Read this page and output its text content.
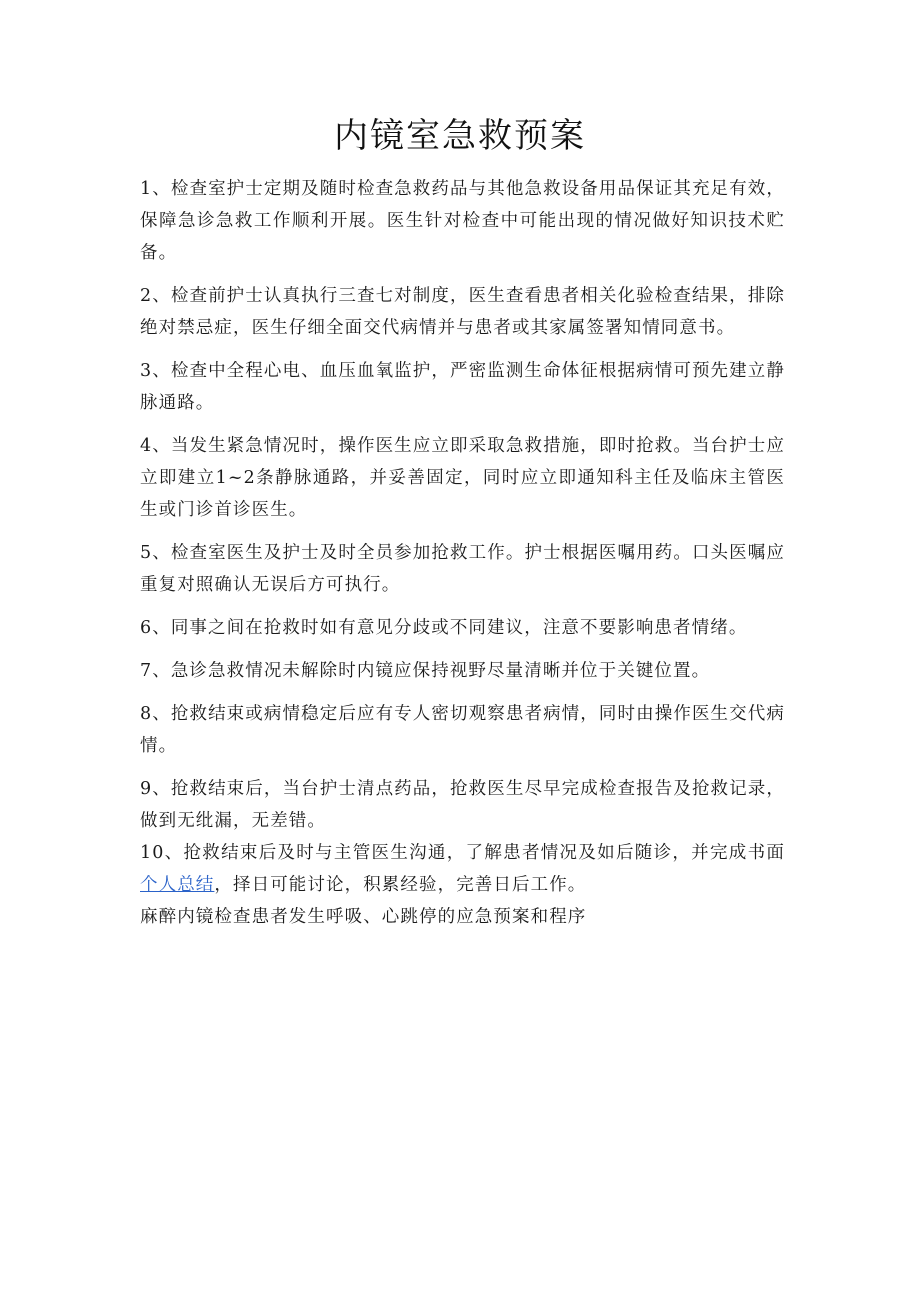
内镜室急救预案

1、检查室护士定期及随时检查急救药品与其他急救设备用品保证其充足有效，保障急诊急救工作顺利开展。医生针对检查中可能出现的情况做好知识技术贮备。

2、检查前护士认真执行三查七对制度，医生查看患者相关化验检查结果，排除绝对禁忌症，医生仔细全面交代病情并与患者或其家属签署知情同意书。

3、检查中全程心电、血压血氧监护，严密监测生命体征根据病情可预先建立静脉通路。

4、当发生紧急情况时，操作医生应立即采取急救措施，即时抢救。当台护士应立即建立1~2条静脉通路，并妥善固定，同时应立即通知科主任及临床主管医生或门诊首诊医生。

5、检查室医生及护士及时全员参加抢救工作。护士根据医嘱用药。口头医嘱应重复对照确认无误后方可执行。

6、同事之间在抢救时如有意见分歧或不同建议，注意不要影响患者情绪。

7、急诊急救情况未解除时内镜应保持视野尽量清晰并位于关键位置。

8、抢救结束或病情稳定后应有专人密切观察患者病情，同时由操作医生交代病情。

9、抢救结束后，当台护士清点药品，抢救医生尽早完成检查报告及抢救记录，做到无纰漏，无差错。

10、抢救结束后及时与主管医生沟通，了解患者情况及如后随诊，并完成书面个人总结，择日可能讨论，积累经验，完善日后工作。

麻醉内镜检查患者发生呼吸、心跳停的应急预案和程序
